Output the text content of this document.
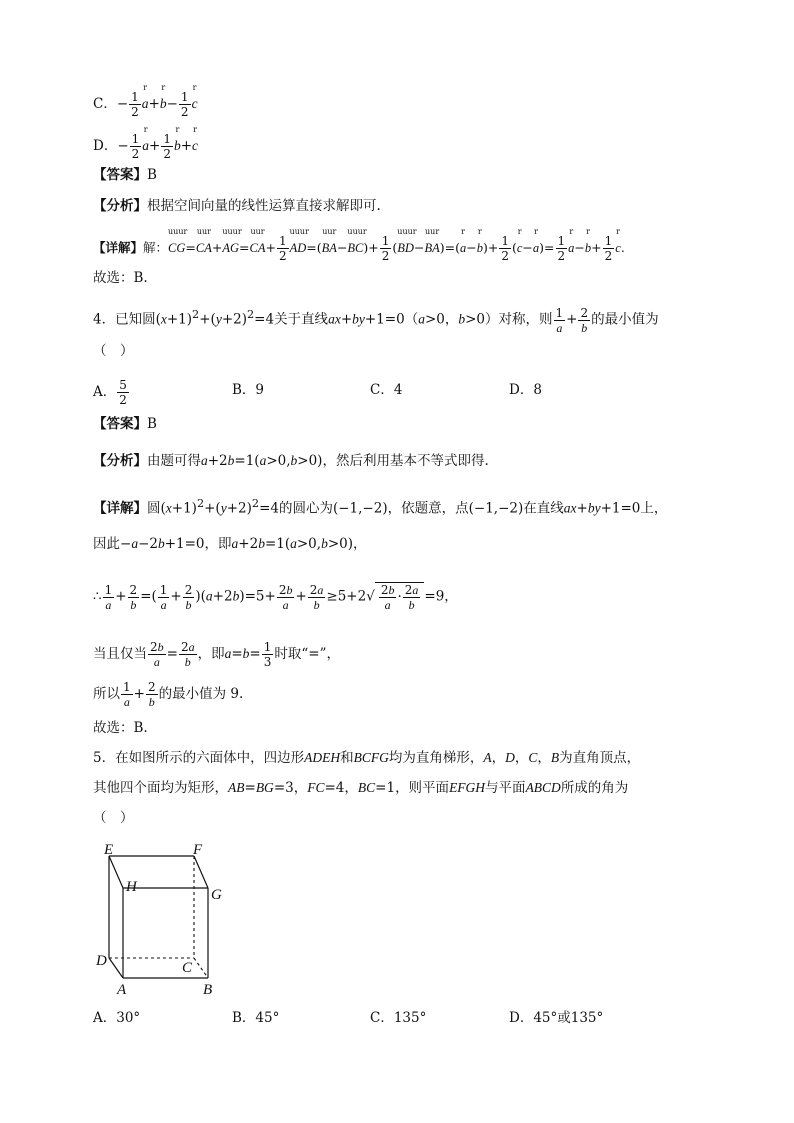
C．− $\frac{1}{2}$
r
a+
r
$b- \frac{1}{2}$
r
c
D．− $\frac{1}{2}$
r
$a+ \frac{1}{2}$
r
b+
r
c
【答案】B
【分析】根据空间向量的线性运算直接求解即可.
【详解】解：
uuur
CG=
uur
CA+
uuur
AG=
uur
$CA+ \frac{1}{2}$
uuur
AD=(
uur
BA−
uuur
$BC)+ \frac{1}{2}$ (
uuur
BD−
uur
BA)=(
r
a−
r
$b)+ \frac{1}{2}$ (
r
c−
r
$a)= \frac{1}{2}$
r
a−
r
$b+ \frac{1}{2}$
r
c.
故选：B.
4．已知圆$(x+1)^2+(y+2)^2=4$关于直线ax+by+1=0（a>0，b>0）对称，则 $\frac{1}{a} + \frac{2}{b}$ 的最小值为
（　）
A． $\frac{5}{2}$	B．9	C．4	D．8
【答案】B
【分析】由题可得a+2b=1(a>0,b>0)，然后利用基本不等式即得.
【详解】圆$(x+1)^2+(y+2)^2=4$的圆心为(−1,−2)，依题意，点(−1,−2)在直线ax+by+1=0上，
因此−a−2b+1=0，即a+2b=1(a>0,b>0)，
∴ $\frac{1}{a} + \frac{2}{b}$ =( $\frac{1}{a} + \frac{2}{b} )(a+2b)=5+ \frac{2b}{a} + \frac{2a}{b} \ge 5+2√ \frac{2b}{a} \cdot \frac{2a}{b} =9$，
当且仅当 $\frac{2b}{a} = \frac{2a}{b}$ ，即$a=b= \frac{1}{3}$ 时取“=”，
所以 $\frac{1}{a} + \frac{2}{b}$ 的最小值为 9.
故选：B.
5．在如图所示的六面体中，四边形ADEH和BCFG均为直角梯形，A，D，C，B为直角顶点，
其他四个面均为矩形，AB=BG=3，FC=4，BC=1，则平面EFGH与平面ABCD所成的角为
（　）
E	F
H	G
D	C
A	B
A．30°	B．45°	C．135°	D．45°或135°
